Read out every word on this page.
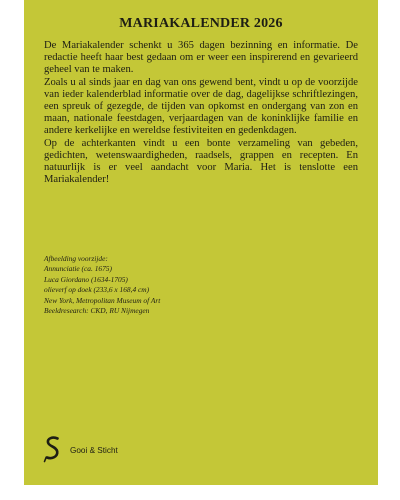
MARIAKALENDER 2026

De Mariakalender schenkt u 365 dagen bezinning en informatie. De redactie heeft haar best gedaan om er weer een inspirerend en gevarieerd geheel van te maken.

Zoals u al sinds jaar en dag van ons gewend bent, vindt u op de voorzijde van ieder kalenderblad informatie over de dag, dagelijkse schriftlezingen, een spreuk of gezegde, de tijden van opkomst en ondergang van zon en maan, nationale feestdagen, verjaardagen van de koninklijke familie en andere kerkelijke en wereldse festiviteiten en gedenkdagen.

Op de achterkanten vindt u een bonte verzameling van gebeden, gedichten, wetenswaardigheden, raadsels, grappen en recepten. En natuurlijk is er veel aandacht voor Maria. Het is tenslotte een Mariakalender!

Afbeelding voorzijde:
Annunciatie (ca. 1675)
Luca Giordano (1634-1705)
olieverf op doek (233,6 x 168,4 cm)
New York, Metropolitan Museum of Art
Beeldresearch: CKD, RU Nijmegen
Gooi & Sticht
